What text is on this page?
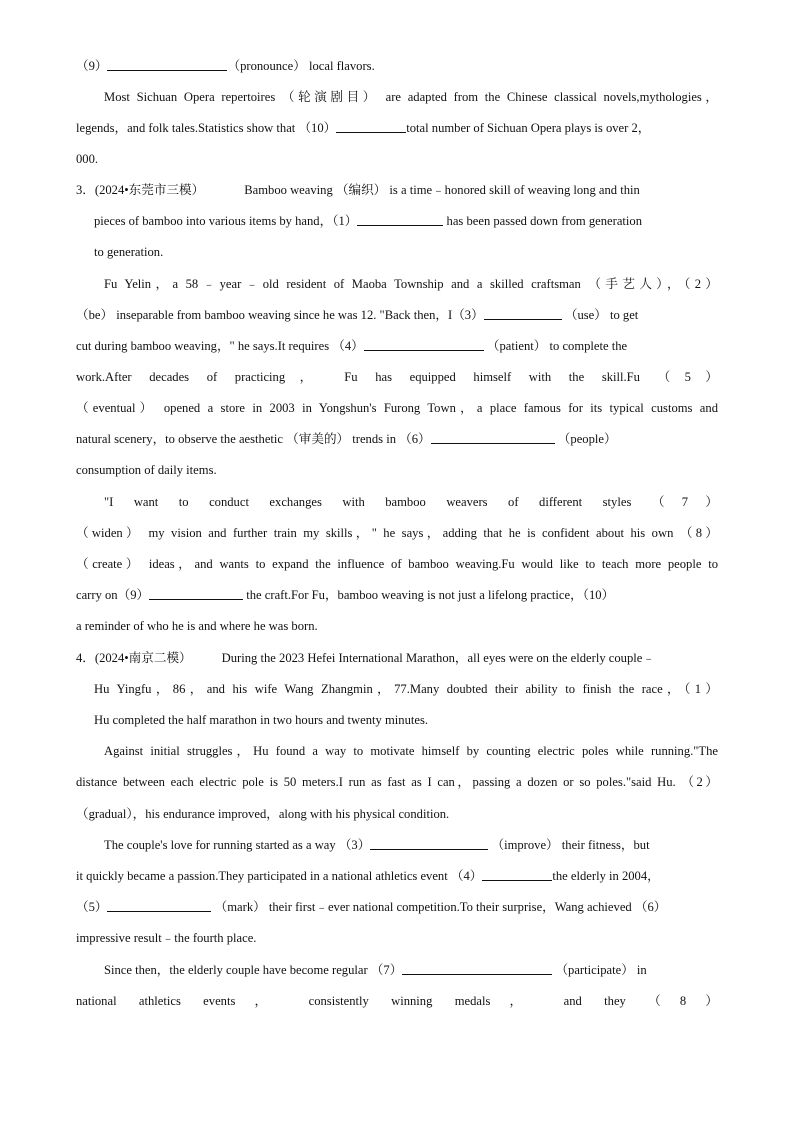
（9）	（pronounce） local flavors.
Most Sichuan Opera repertoires （轮演剧目） are adapted from the Chinese classical novels,mythologies，
legends，and folk tales.Statistics show that （10）	total number of Sichuan Opera plays is over 2，
000.
3．(2024•东莞市三模）	Bamboo weaving （编织） is a time﹣honored skill of weaving long and thin
pieces of bamboo into various items by hand，（1）	has been passed down from generation
to generation.
Fu Yelin，a 58﹣year﹣old resident of Maoba Township and a skilled craftsman （手艺人），（2）
（be） inseparable from bamboo weaving since he was 12. "Back then，I（3）	（use） to get
cut during bamboo weaving，" he says.It requires （4）	（patient） to complete the
work.After decades of practicing， Fu has equipped himself with the skill.Fu （5）
（eventual） opened a store in 2003 in Yongshun's Furong Town，a place famous for its typical customs and
natural scenery，to observe the aesthetic （审美的） trends in （6）	（people）
consumption of daily items.
"I want to conduct exchanges with bamboo weavers of different styles （7）
（widen） my vision and further train my skills，" he says，adding that he is confident about his own （8）
（create） ideas，and wants to expand the influence of bamboo weaving.Fu would like to teach more people to
carry on（9）	the craft.For Fu，bamboo weaving is not just a lifelong practice，（10）
a reminder of who he is and where he was born.
4．(2024•南京二模） During the 2023 Hefei International Marathon，all eyes were on the elderly couple﹣
Hu Yingfu，86，and his wife Wang Zhangmin，77.Many doubted their ability to finish the race，（1）
Hu completed the half marathon in two hours and twenty minutes.
Against initial struggles，Hu found a way to motivate himself by counting electric poles while running."The
distance between each electric pole is 50 meters.I run as fast as I can，passing a dozen or so poles."said Hu. （2）
（gradual），his endurance improved，along with his physical condition.
The couple's love for running started as a way （3）	（improve） their fitness，but
it quickly became a passion.They participated in a national athletics event （4）	the elderly in 2004，
（5）	（mark） their first﹣ever national competition.To their surprise，Wang achieved （6）
impressive result﹣the fourth place.
Since then，the elderly couple have become regular （7）	（participate） in
national athletics events， consistently winning medals， and they （8）
